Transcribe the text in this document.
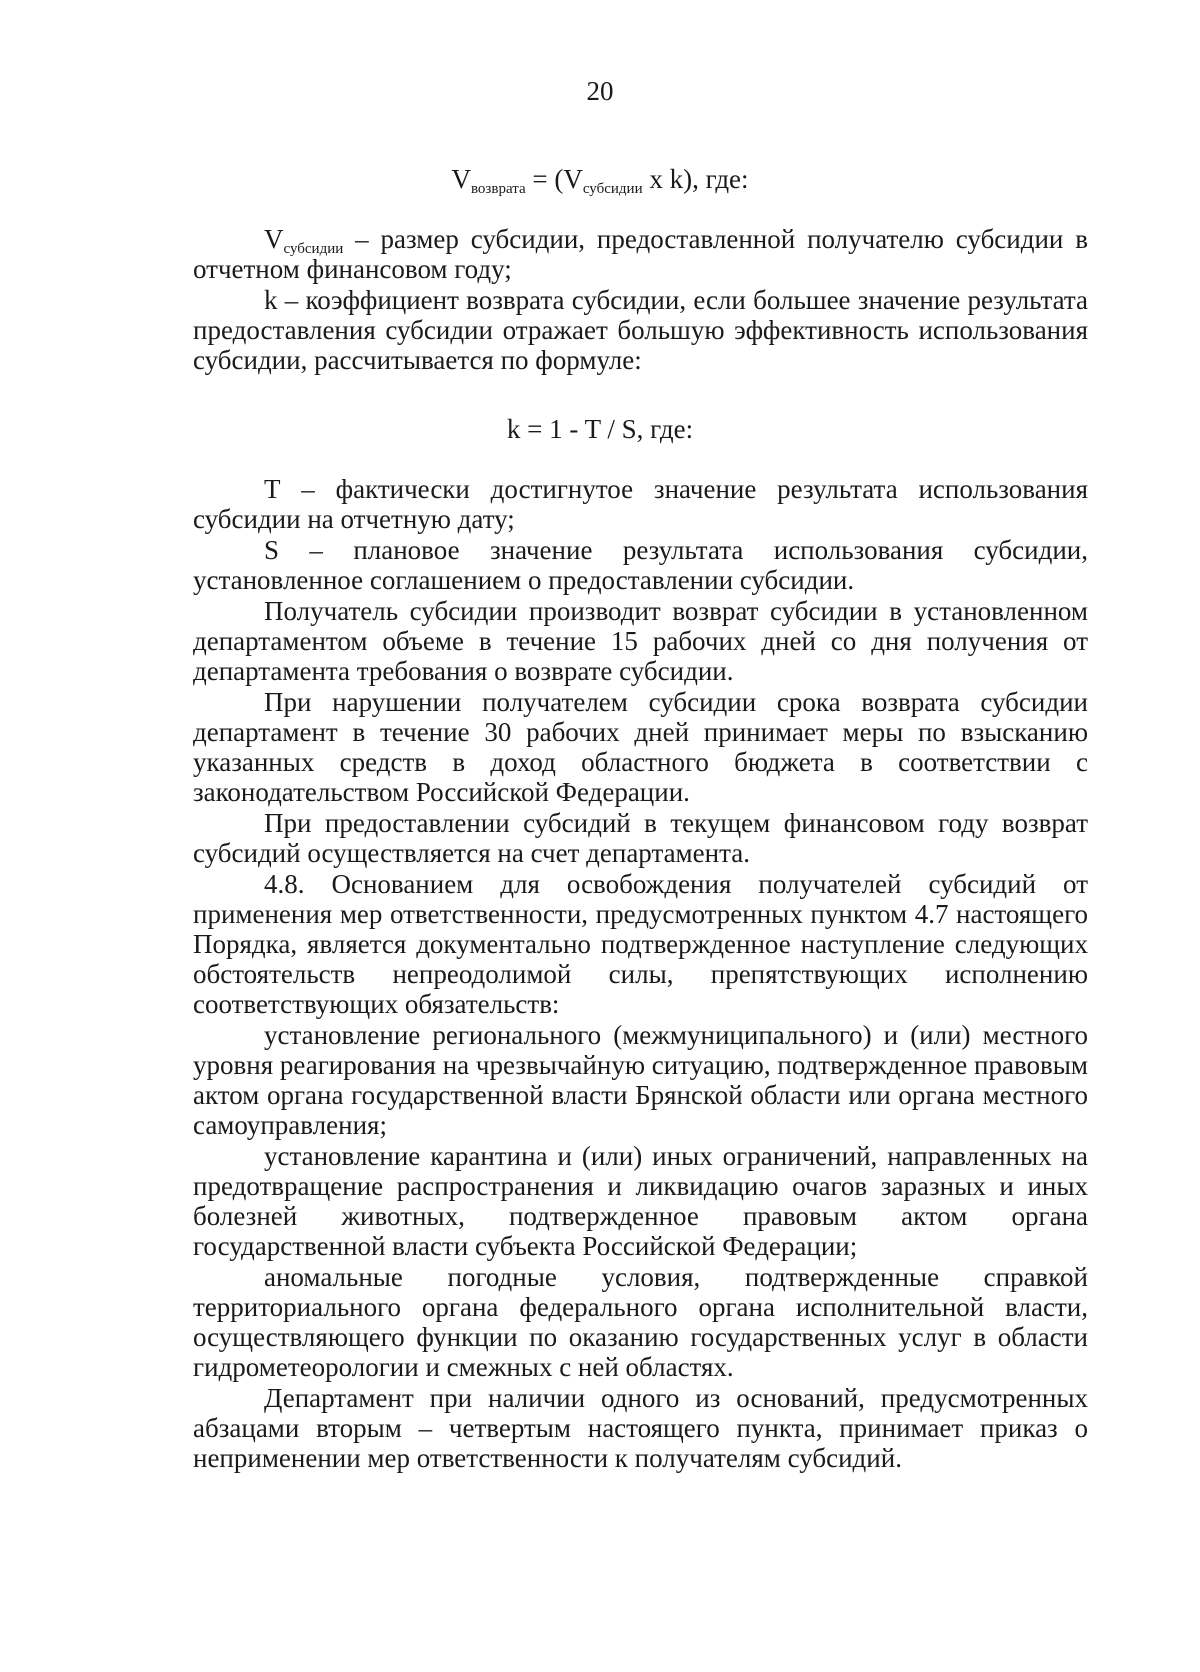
20
$V_{возврата} = (V_{субсидии}$ x k), где:

$V_{субсидии}$ – размер субсидии, предоставленной получателю субсидии в отчетном финансовом году;

k – коэффициент возврата субсидии, если большее значение результата предоставления субсидии отражает большую эффективность использования субсидии, рассчитывается по формуле:

k = 1 - T / S, где:

Т – фактически достигнутое значение результата использования субсидии на отчетную дату;

S – плановое значение результата использования субсидии, установленное соглашением о предоставлении субсидии.

Получатель субсидии производит возврат субсидии в установленном департаментом объеме в течение 15 рабочих дней со дня получения от департамента требования о возврате субсидии.

При нарушении получателем субсидии срока возврата субсидии департамент в течение 30 рабочих дней принимает меры по взысканию указанных средств в доход областного бюджета в соответствии с законодательством Российской Федерации.

При предоставлении субсидий в текущем финансовом году возврат субсидий осуществляется на счет департамента.

4.8. Основанием для освобождения получателей субсидий от применения мер ответственности, предусмотренных пунктом 4.7 настоящего Порядка, является документально подтвержденное наступление следующих обстоятельств непреодолимой силы, препятствующих исполнению соответствующих обязательств:

установление регионального (межмуниципального) и (или) местного уровня реагирования на чрезвычайную ситуацию, подтвержденное правовым актом органа государственной власти Брянской области или органа местного самоуправления;

установление карантина и (или) иных ограничений, направленных на предотвращение распространения и ликвидацию очагов заразных и иных болезней животных, подтвержденное правовым актом органа государственной власти субъекта Российской Федерации;

аномальные погодные условия, подтвержденные справкой территориального органа федерального органа исполнительной власти, осуществляющего функции по оказанию государственных услуг в области гидрометеорологии и смежных с ней областях.

Департамент при наличии одного из оснований, предусмотренных абзацами вторым – четвертым настоящего пункта, принимает приказ о неприменении мер ответственности к получателям субсидий.
